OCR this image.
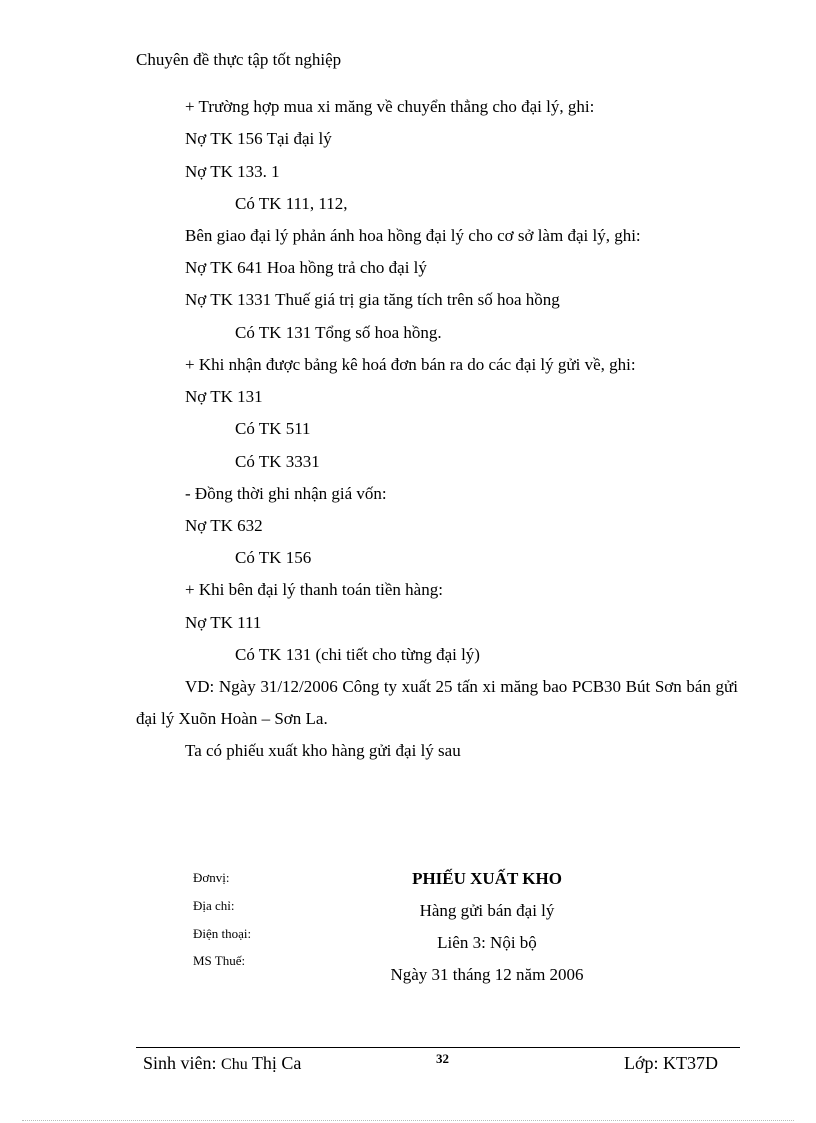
Chuyên đề thực tập tốt nghiệp
+ Trường hợp mua xi măng về chuyển thẳng cho đại lý, ghi:
Nợ TK 156 Tại đại lý
Nợ TK 133. 1
Có TK 111, 112,
Bên giao đại lý phản ánh hoa hồng đại lý cho cơ sở làm đại lý, ghi:
Nợ TK 641 Hoa hồng trả cho đại lý
Nợ TK 1331 Thuế giá trị gia tăng tích trên số hoa hồng
Có TK 131 Tổng số hoa hồng.
+ Khi nhận được bảng kê hoá đơn bán ra do các đại lý gửi về, ghi:
Nợ TK 131
Có TK 511
Có TK 3331
- Đồng thời ghi nhận giá vốn:
Nợ TK 632
Có TK 156
+ Khi bên đại lý thanh toán tiền hàng:
Nợ TK 111
Có TK 131 (chi tiết cho từng đại lý)
VD: Ngày 31/12/2006 Công ty xuất 25 tấn xi măng bao PCB30 Bút Sơn bán gửi đại lý Xuõn Hoàn – Sơn La.
Ta có phiếu xuất kho hàng gửi đại lý sau
Đơnvị:
Địa chỉ:
Điện thoại:
MS Thuế:
PHIẾU XUẤT KHO
Hàng gửi bán đại lý
Liên 3: Nội bộ
Ngày 31 tháng 12 năm 2006
Sinh viên: Chu Thị Ca	32	Lớp: KT37D
